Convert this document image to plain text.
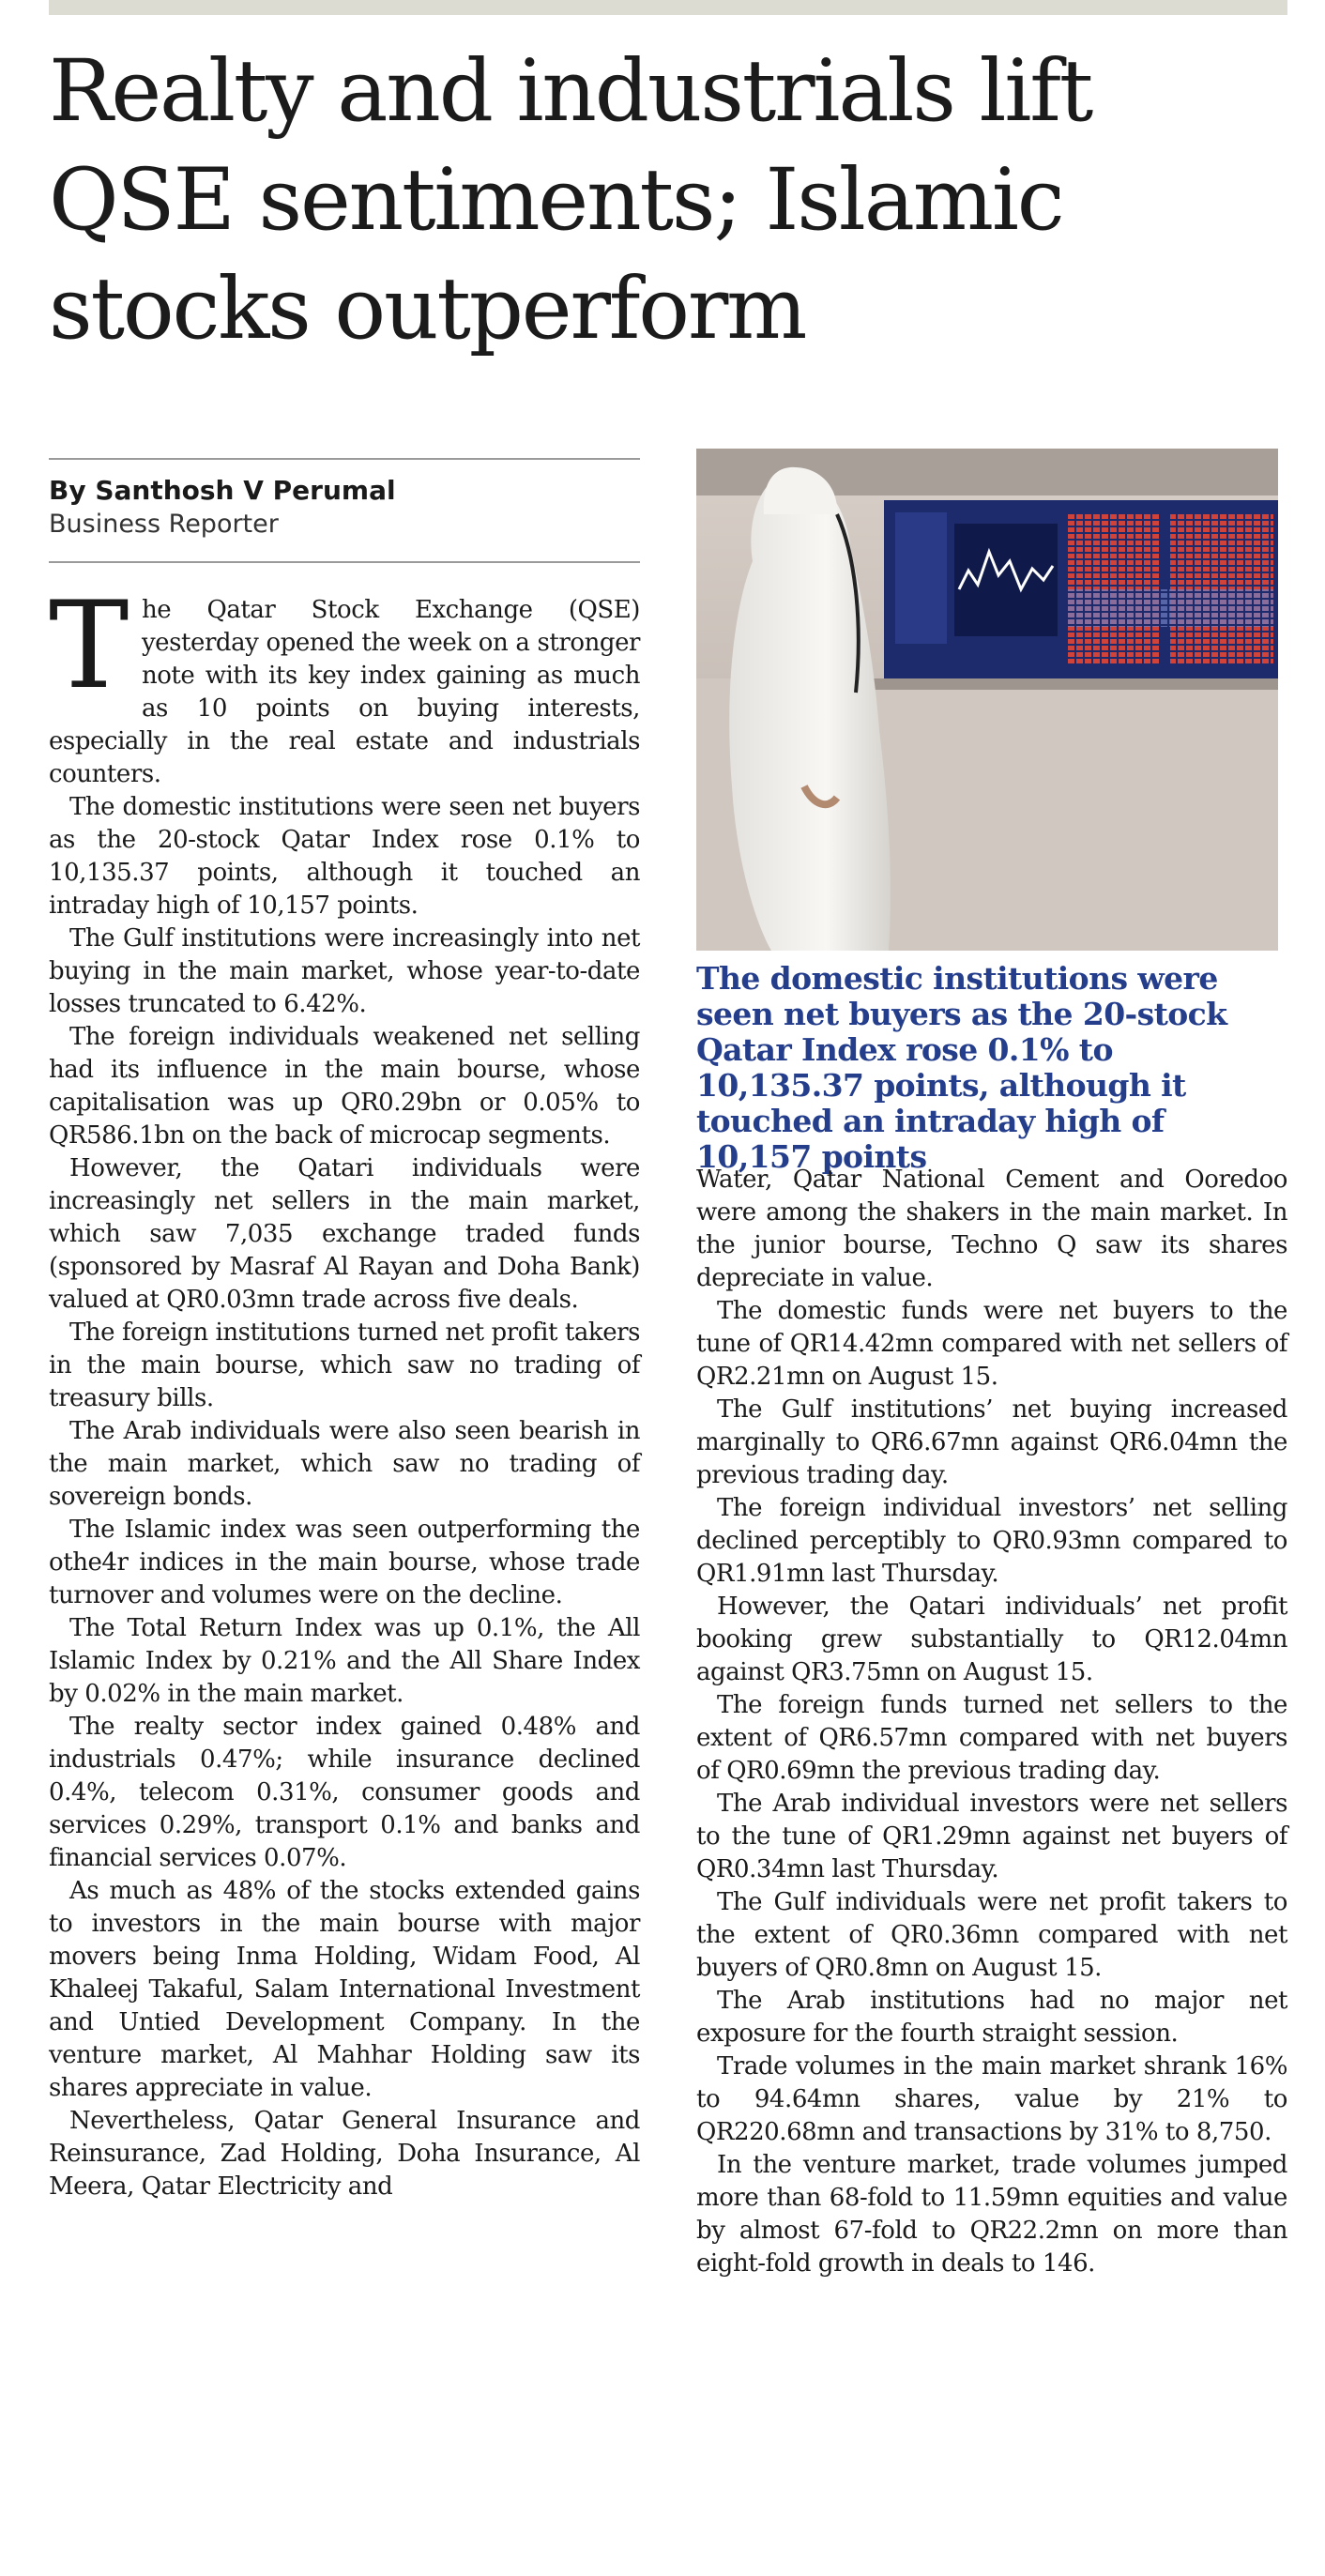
Realty and industrials lift QSE sentiments; Islamic stocks outperform

By Santhosh V Perumal

Business Reporter

The Qatar Stock Exchange (QSE) yesterday opened the week on a stronger note with its key index gaining as much as 10 points on buying interests, especially in the real estate and industrials counters.

The domestic institutions were seen net buyers as the 20-stock Qatar Index rose 0.1% to 10,135.37 points, although it touched an intraday high of 10,157 points.

The Gulf institutions were increasingly into net buying in the main market, whose year-to-date losses truncated to 6.42%.

The foreign individuals weakened net selling had its influence in the main bourse, whose capitalisation was up QR0.29bn or 0.05% to QR586.1bn on the back of microcap segments.

However, the Qatari individuals were increasingly net sellers in the main market, which saw 7,035 exchange traded funds (sponsored by Masraf Al Rayan and Doha Bank) valued at QR0.03mn trade across five deals.

The foreign institutions turned net profit takers in the main bourse, which saw no trading of treasury bills.

The Arab individuals were also seen bearish in the main market, which saw no trading of sovereign bonds.

The Islamic index was seen outperforming the othe4r indices in the main bourse, whose trade turnover and volumes were on the decline.

The Total Return Index was up 0.1%, the All Islamic Index by 0.21% and the All Share Index by 0.02% in the main market.

The realty sector index gained 0.48% and industrials 0.47%; while insurance declined 0.4%, telecom 0.31%, consumer goods and services 0.29%, transport 0.1% and banks and financial services 0.07%.

As much as 48% of the stocks extended gains to investors in the main bourse with major movers being Inma Holding, Widam Food, Al Khaleej Takaful, Salam International Investment and Untied Development Company. In the venture market, Al Mahhar Holding saw its shares appreciate in value.

Nevertheless, Qatar General Insurance and Reinsurance, Zad Holding, Doha Insurance, Al Meera, Qatar Electricity and

The domestic institutions were seen net buyers as the 20-stock Qatar Index rose 0.1% to 10,135.37 points, although it touched an intraday high of 10,157 points

Water, Qatar National Cement and Ooredoo were among the shakers in the main market. In the junior bourse, Techno Q saw its shares depreciate in value.

The domestic funds were net buyers to the tune of QR14.42mn compared with net sellers of QR2.21mn on August 15.

The Gulf institutions’ net buying increased marginally to QR6.67mn against QR6.04mn the previous trading day.

The foreign individual investors’ net selling declined perceptibly to QR0.93mn compared to QR1.91mn last Thursday.

However, the Qatari individuals’ net profit booking grew substantially to QR12.04mn against QR3.75mn on August 15.

The foreign funds turned net sellers to the extent of QR6.57mn compared with net buyers of QR0.69mn the previous trading day.

The Arab individual investors were net sellers to the tune of QR1.29mn against net buyers of QR0.34mn last Thursday.

The Gulf individuals were net profit takers to the extent of QR0.36mn compared with net buyers of QR0.8mn on August 15.

The Arab institutions had no major net exposure for the fourth straight session.

Trade volumes in the main market shrank 16% to 94.64mn shares, value by 21% to QR220.68mn and transactions by 31% to 8,750.

In the venture market, trade volumes jumped more than 68-fold to 11.59mn equities and value by almost 67-fold to QR22.2mn on more than eight-fold growth in deals to 146.
